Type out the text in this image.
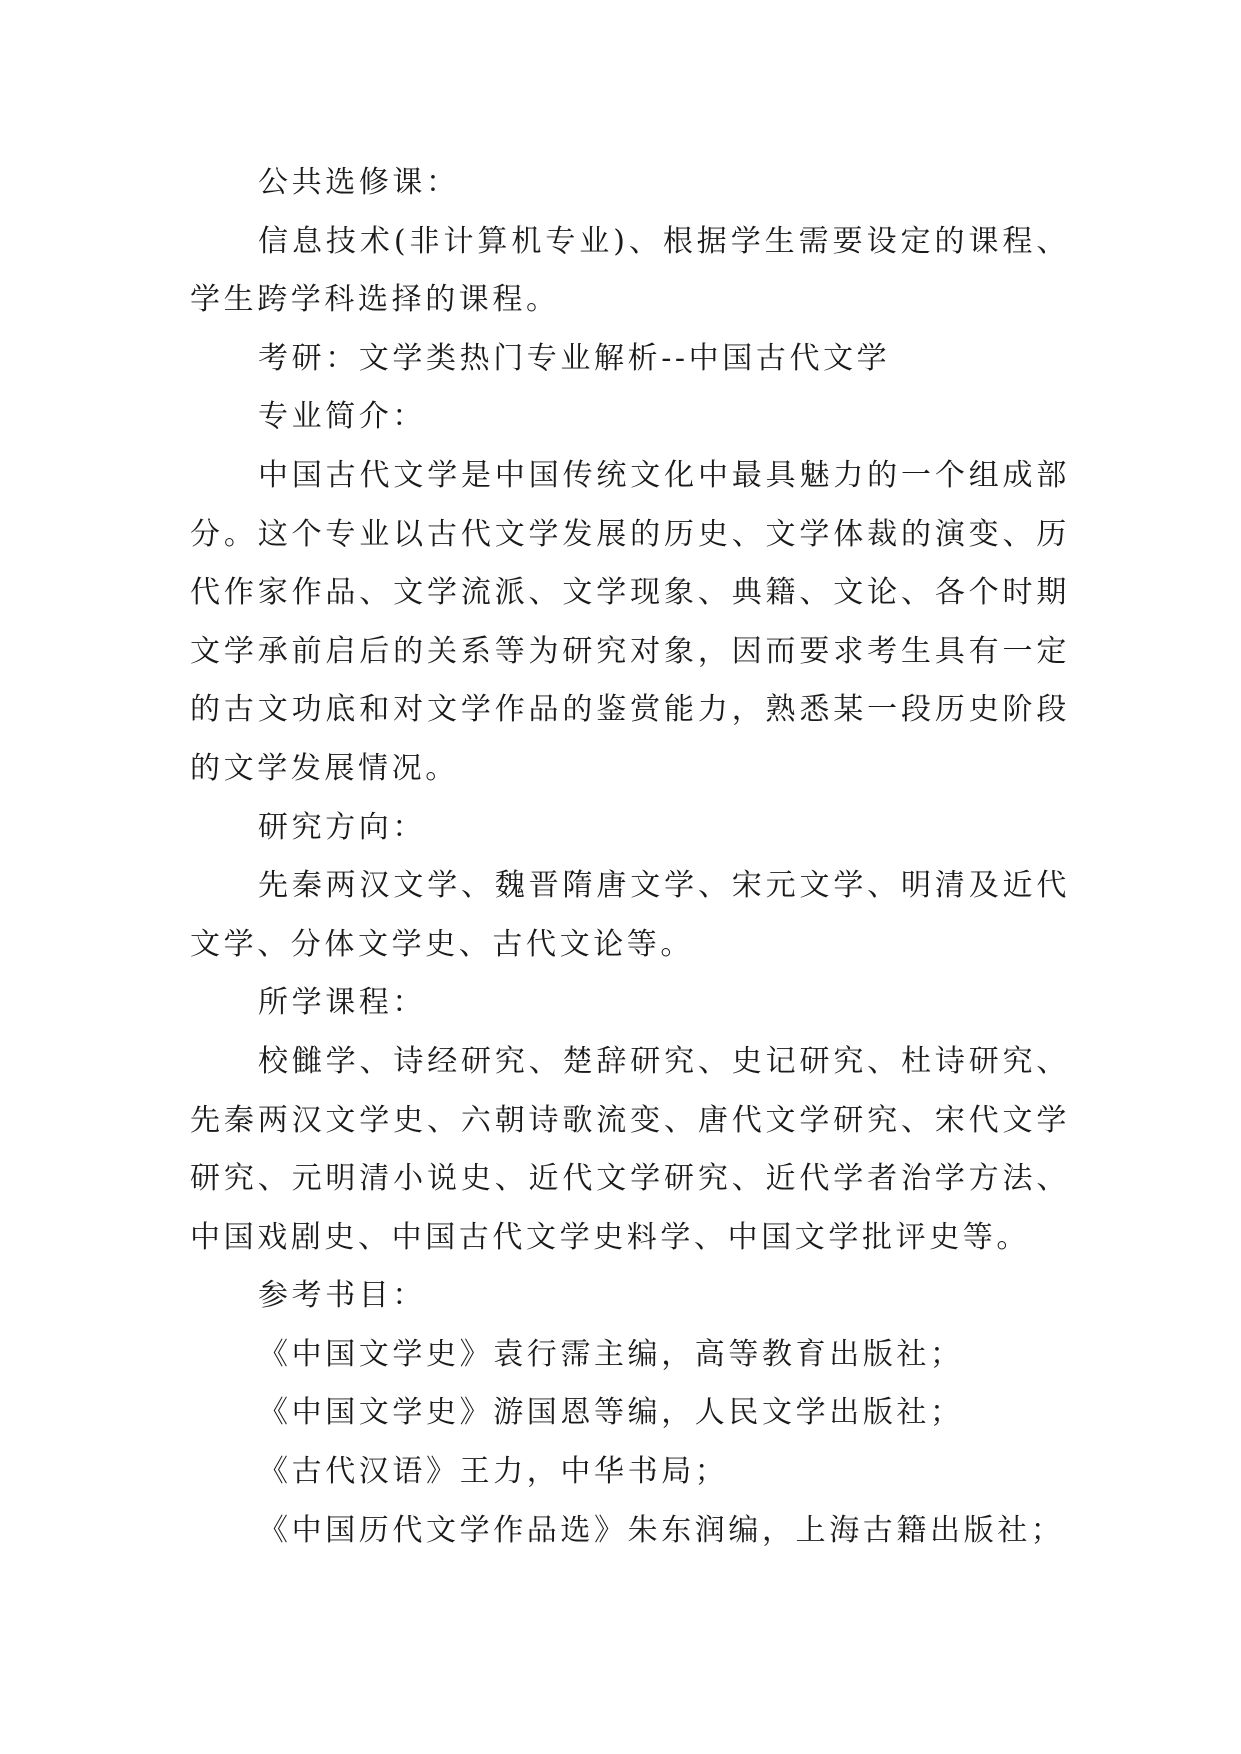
公共选修课：

信息技术(非计算机专业)、根据学生需要设定的课程、学生跨学科选择的课程。

考研：文学类热门专业解析--中国古代文学

专业简介：

中国古代文学是中国传统文化中最具魅力的一个组成部分。这个专业以古代文学发展的历史、文学体裁的演变、历代作家作品、文学流派、文学现象、典籍、文论、各个时期文学承前启后的关系等为研究对象，因而要求考生具有一定的古文功底和对文学作品的鉴赏能力，熟悉某一段历史阶段的文学发展情况。

研究方向：

先秦两汉文学、魏晋隋唐文学、宋元文学、明清及近代文学、分体文学史、古代文论等。

所学课程：

校雠学、诗经研究、楚辞研究、史记研究、杜诗研究、先秦两汉文学史、六朝诗歌流变、唐代文学研究、宋代文学研究、元明清小说史、近代文学研究、近代学者治学方法、中国戏剧史、中国古代文学史料学、中国文学批评史等。

参考书目：

《中国文学史》袁行霈主编，高等教育出版社；

《中国文学史》游国恩等编，人民文学出版社；

《古代汉语》王力，中华书局；

《中国历代文学作品选》朱东润编，上海古籍出版社；
